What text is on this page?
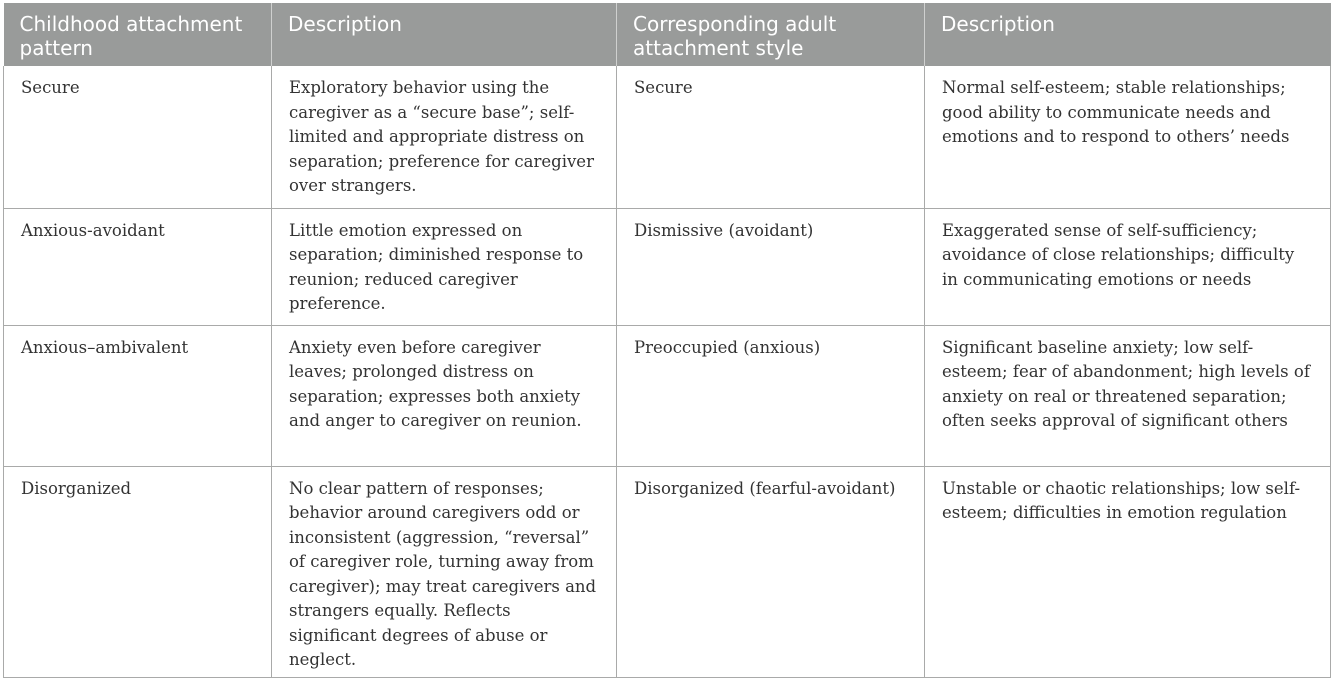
Childhood attachment pattern	Description	Corresponding adult attachment style	Description
Secure	Exploratory behavior using the caregiver as a “secure base”; self-limited and appropriate distress on separation; preference for caregiver over strangers.	Secure	Normal self-esteem; stable relationships; good ability to communicate needs and emotions and to respond to others’ needs
Anxious-avoidant	Little emotion expressed on separation; diminished response to reunion; reduced caregiver preference.	Dismissive (avoidant)	Exaggerated sense of self-sufficiency; avoidance of close relationships; difficulty in communicating emotions or needs
Anxious–ambivalent	Anxiety even before caregiver leaves; prolonged distress on separation; expresses both anxiety and anger to caregiver on reunion.	Preoccupied (anxious)	Significant baseline anxiety; low self-esteem; fear of abandonment; high levels of anxiety on real or threatened separation; often seeks approval of significant others
Disorganized	No clear pattern of responses; behavior around caregivers odd or inconsistent (aggression, “reversal” of caregiver role, turning away from caregiver); may treat caregivers and strangers equally. Reflects significant degrees of abuse or neglect.	Disorganized (fearful-avoidant)	Unstable or chaotic relationships; low self-esteem; difficulties in emotion regulation
